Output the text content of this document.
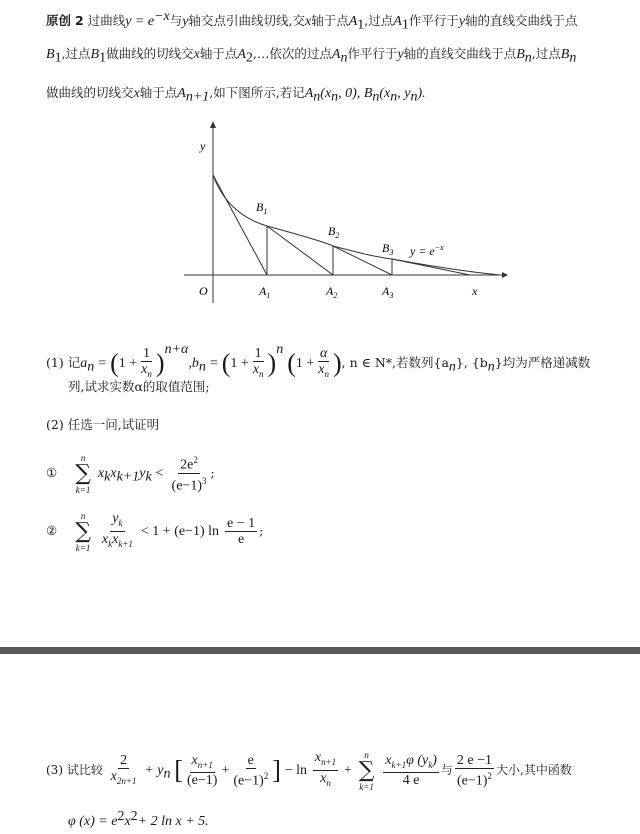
原创 2 过曲线$y = e^{-x}$与y轴交点引曲线切线,交x轴于点$A_1$,过点$A_1$作平行于y轴的直线交曲线于点
$B_1$,过点$B_1$做曲线的切线交x轴于点$A_2,\dots$依次的过点$A_n$作平行于y轴的直线交曲线于点$B_n$,过点$B_n$
做曲线的切线交x轴于点$A_{n+1}$,如下图所示,若记$A_n(x_n$, 0), $B_n(x_n$, $y_n$).
y
x
O
$B_1$
$B_2$
$B_3$ $y = e^{-x}$
$A_1$	$A_2$	$A_3$
(1) 记$a_n = (1 + \frac{1}{x_n} )^{n+\alpha},b_n = (1 + \frac{1}{x_n} )^n$ ($1 + \frac{\alpha}{x_n}$ ), n ∈ N*,若数列$\{a_n\}$, $\{b_n\}$均为严格递减数
列,试求实数α的取值范围;
(2) 任选一问,试证明
①
n
∑
k=1
$x_kx_{k+1}y_k < \frac{2e^2}{(e-1)^3}$ ;
②
n
∑
k=1
$\frac{y_k}{x_kx_{k+1}} < 1 + (e-1)$ $\ln \frac{e - 1}{e}$ ;
(3) 试比较 $\frac{2}{x_{2n+1}} + y_n$ [ $\frac{x_{n+1}}{(e-1)} + \frac{e}{(e-1)^2}$ ] − $\ln \frac{x_{n+1}}{x_n}$ +
n
∑
k=1
$\frac{x_{k+1}\varphi (y_k)}{4 e}$ 与 $\frac{2 e -1}{(e-1)^2}$ 大小,其中函数
φ $(x) = e^2x^2+ 2$ ln x + 5.
